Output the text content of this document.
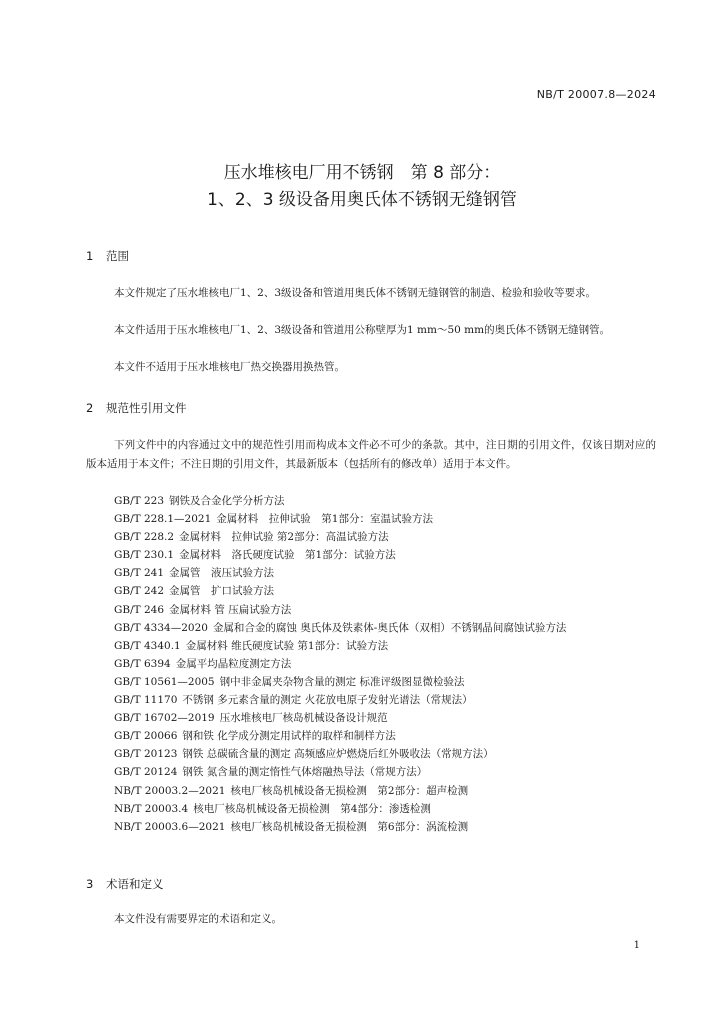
NB/T 20007.8—2024
压水堆核电厂用不锈钢　第 8 部分：
1、2、3 级设备用奥氏体不锈钢无缝钢管
1 范围
本文件规定了压水堆核电厂1、2、3级设备和管道用奥氏体不锈钢无缝钢管的制造、检验和验收等要求。
本文件适用于压水堆核电厂1、2、3级设备和管道用公称壁厚为1 mm～50 mm的奥氏体不锈钢无缝钢管。
本文件不适用于压水堆核电厂热交换器用换热管。
2 规范性引用文件
下列文件中的内容通过文中的规范性引用而构成本文件必不可少的条款。其中，注日期的引用文件，仅该日期对应的版本适用于本文件；不注日期的引用文件，其最新版本（包括所有的修改单）适用于本文件。
GB/T 223 钢铁及合金化学分析方法
GB/T 228.1—2021 金属材料　拉伸试验　第1部分：室温试验方法
GB/T 228.2 金属材料　拉伸试验 第2部分：高温试验方法
GB/T 230.1 金属材料　洛氏硬度试验　第1部分：试验方法
GB/T 241 金属管　液压试验方法
GB/T 242 金属管　扩口试验方法
GB/T 246 金属材料 管 压扁试验方法
GB/T 4334—2020 金属和合金的腐蚀 奥氏体及铁素体-奥氏体（双相）不锈钢晶间腐蚀试验方法
GB/T 4340.1 金属材料 维氏硬度试验 第1部分：试验方法
GB/T 6394 金属平均晶粒度测定方法
GB/T 10561—2005 钢中非金属夹杂物含量的测定 标准评级图显微检验法
GB/T 11170 不锈钢 多元素含量的测定 火花放电原子发射光谱法（常规法）
GB/T 16702—2019 压水堆核电厂核岛机械设备设计规范
GB/T 20066 钢和铁 化学成分测定用试样的取样和制样方法
GB/T 20123 钢铁 总碳硫含量的测定 高频感应炉燃烧后红外吸收法（常规方法）
GB/T 20124 钢铁 氮含量的测定惰性气体熔融热导法（常规方法）
NB/T 20003.2—2021 核电厂核岛机械设备无损检测　第2部分：超声检测
NB/T 20003.4 核电厂核岛机械设备无损检测　第4部分：渗透检测
NB/T 20003.6—2021 核电厂核岛机械设备无损检测　第6部分：涡流检测
3 术语和定义
本文件没有需要界定的术语和定义。
1
